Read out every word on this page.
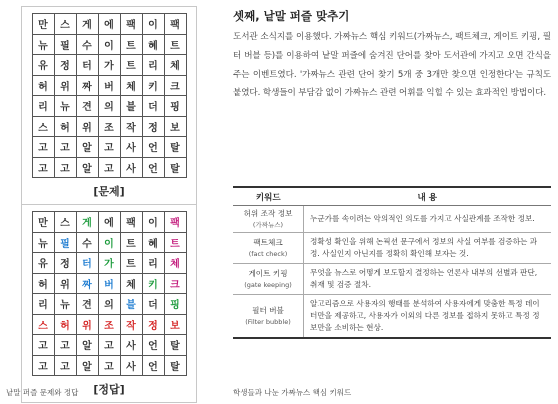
만	스	게	에	팩	이	팩
뉴	필	수	이	트	혜	트
유	정	터	가	트	리	체
허	위	짜	버	체	키	크
리	뉴	견	의	블	더	핑
스	허	위	조	작	정	보
고	고	알	고	사	언	탈
고	고	알	고	사	언	탈
[문제]
만	스	게	에	팩	이	팩
뉴	필	수	이	트	혜	트
유	정	터	가	트	리	체
허	위	짜	버	체	키	크
리	뉴	견	의	블	더	핑
스	허	위	조	작	정	보
고	고	알	고	사	언	탈
고	고	알	고	사	언	탈
[정답]
낱말 퍼즐 문제와 정답
셋째, 낱말 퍼즐 맞추기
도서관 소식지를 이용했다. 가짜뉴스 핵심 키워드(가짜뉴스, 팩트체크, 게이트 키핑, 필터 버블 등)를 이용하여 낱말 퍼즐에 숨겨진 단어를 찾아 도서관에 가지고 오면 간식을 주는 이벤트였다. '가짜뉴스 관련 단어 찾기 5개 중 3개만 찾으면 인정한다'는 규칙도 붙였다. 학생들이 부담감 없이 가짜뉴스 관련 어휘를 익힐 수 있는 효과적인 방법이다.
키워드	내 용
허위 조작 정보
(가짜뉴스)	누군가를 속이려는 악의적인 의도를 가지고 사실관계를 조작한 정보.
팩트체크
(fact check)	정확성 확인을 위해 논픽션 문구에서 정보의 사실 여부를 검증하는 과정. 사실인지 아닌지를 정확히 확인해 보자는 것.
게이트 키핑
(gate keeping)	무엇을 뉴스로 어떻게 보도할지 결정하는 언론사 내부의 선별과 판단, 취재 및 검증 절차.
필터 버블
(Filter bubble)	알고리즘으로 사용자의 행태를 분석하여 사용자에게 맞춤한 특정 데이터만을 제공하고, 사용자가 이외의 다른 정보를 접하지 못하고 특정 정보만을 소비하는 현상.
학생들과 나눈 가짜뉴스 핵심 키워드
